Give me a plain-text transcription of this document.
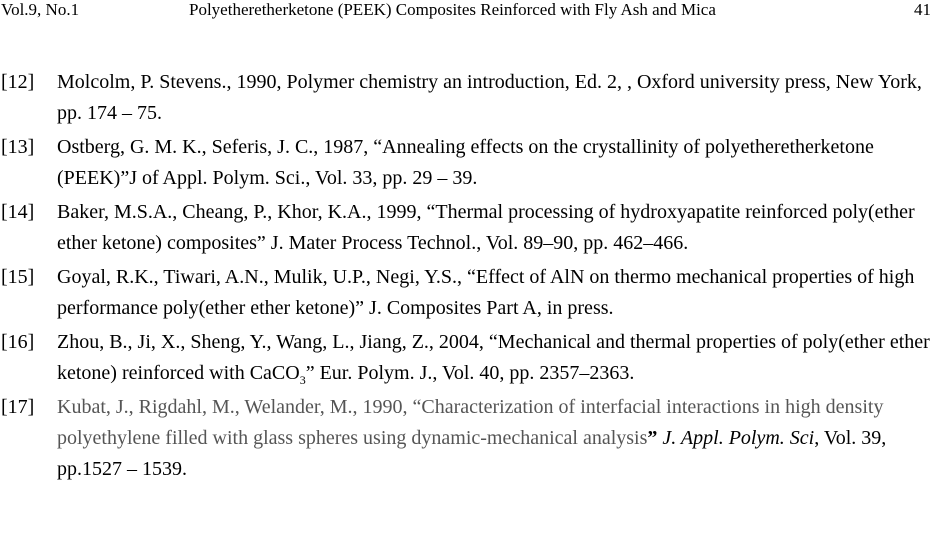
Vol.9, No.1	Polyetheretherketone (PEEK) Composites Reinforced with Fly Ash and Mica	41
[12] Molcolm, P. Stevens., 1990, Polymer chemistry an introduction, Ed. 2, , Oxford university press, New York, pp. 174 – 75.
[13] Ostberg, G. M. K., Seferis, J. C., 1987, “Annealing effects on the crystallinity of polyetheretherketone (PEEK)”J of Appl. Polym. Sci., Vol. 33, pp. 29 – 39.
[14] Baker, M.S.A., Cheang, P., Khor, K.A., 1999, “Thermal processing of hydroxyapatite reinforced poly(ether ether ketone) composites” J. Mater Process Technol., Vol. 89–90, pp. 462–466.
[15] Goyal, R.K., Tiwari, A.N., Mulik, U.P., Negi, Y.S., “Effect of AlN on thermo mechanical properties of high performance poly(ether ether ketone)” J. Composites Part A, in press.
[16] Zhou, B., Ji, X., Sheng, Y., Wang, L., Jiang, Z., 2004, “Mechanical and thermal properties of poly(ether ether ketone) reinforced with CaCO$_3$” Eur. Polym. J., Vol. 40, pp. 2357–2363.
[17] Kubat, J., Rigdahl, M., Welander, M., 1990, “Characterization of interfacial interactions in high density polyethylene filled with glass spheres using dynamic-mechanical analysis” J. Appl. Polym. Sci, Vol. 39, pp.1527 – 1539.
